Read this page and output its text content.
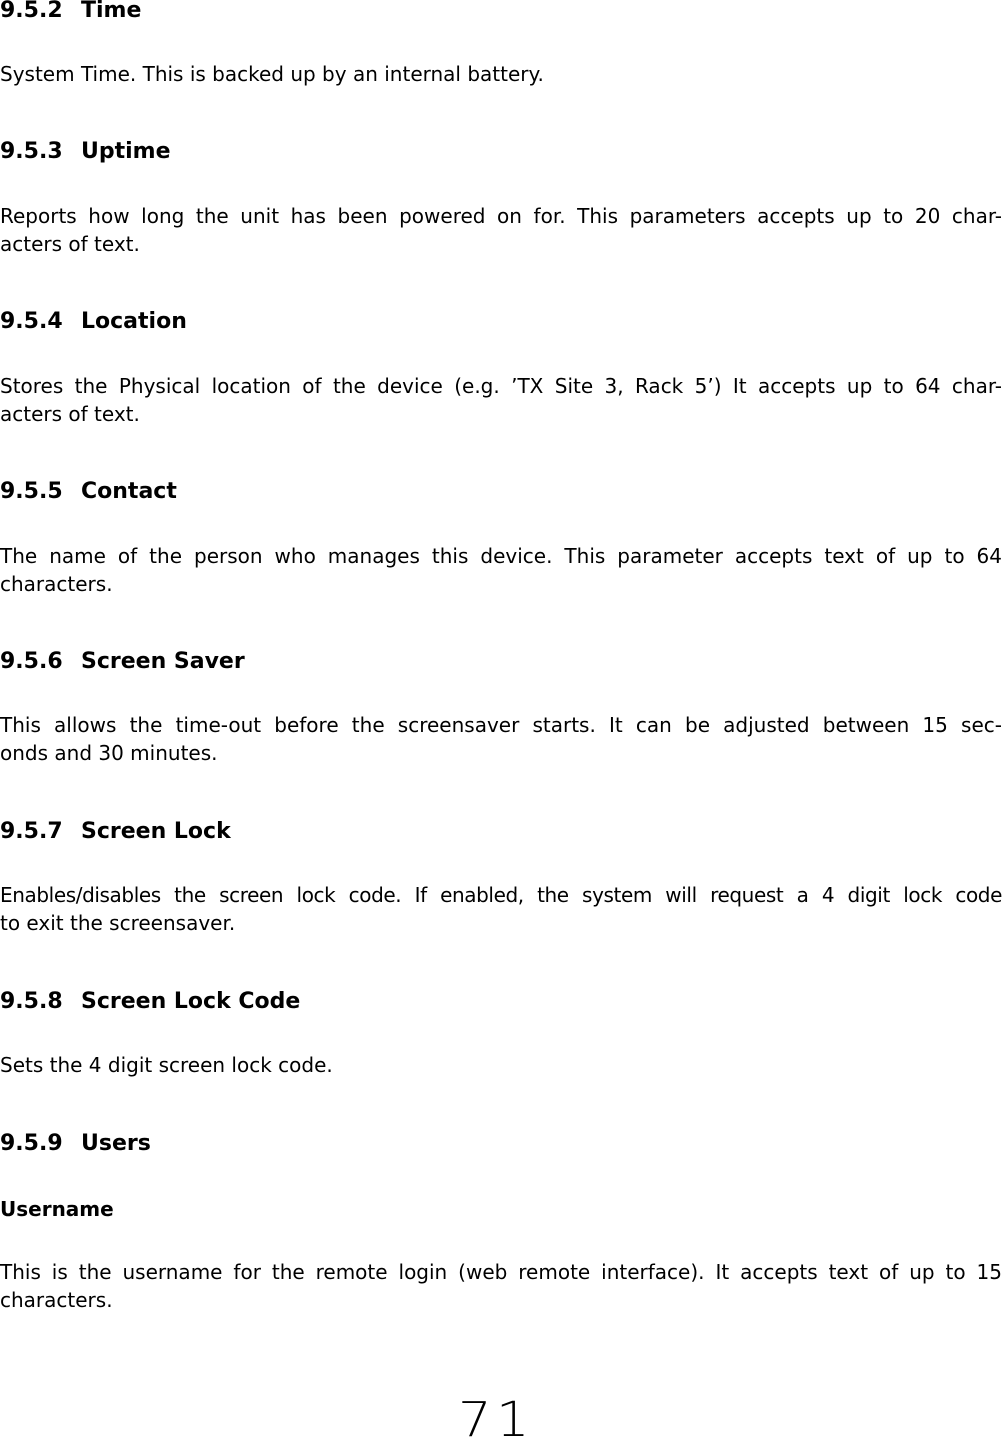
9.5.2 Time
System Time. This is backed up by an internal battery.
9.5.3 Uptime
Reports how long the unit has been powered on for. This parameters accepts up to 20 char-
acters of text.
9.5.4 Location
Stores the Physical location of the device (e.g. ’TX Site 3, Rack 5’) It accepts up to 64 char-
acters of text.
9.5.5 Contact
The name of the person who manages this device. This parameter accepts text of up to 64
characters.
9.5.6 Screen Saver
This allows the time-out before the screensaver starts. It can be adjusted between 15 sec-
onds and 30 minutes.
9.5.7 Screen Lock
Enables/disables the screen lock code. If enabled, the system will request a 4 digit lock code
to exit the screensaver.
9.5.8 Screen Lock Code
Sets the 4 digit screen lock code.
9.5.9 Users
Username
This is the username for the remote login (web remote interface). It accepts text of up to 15
characters.
71
